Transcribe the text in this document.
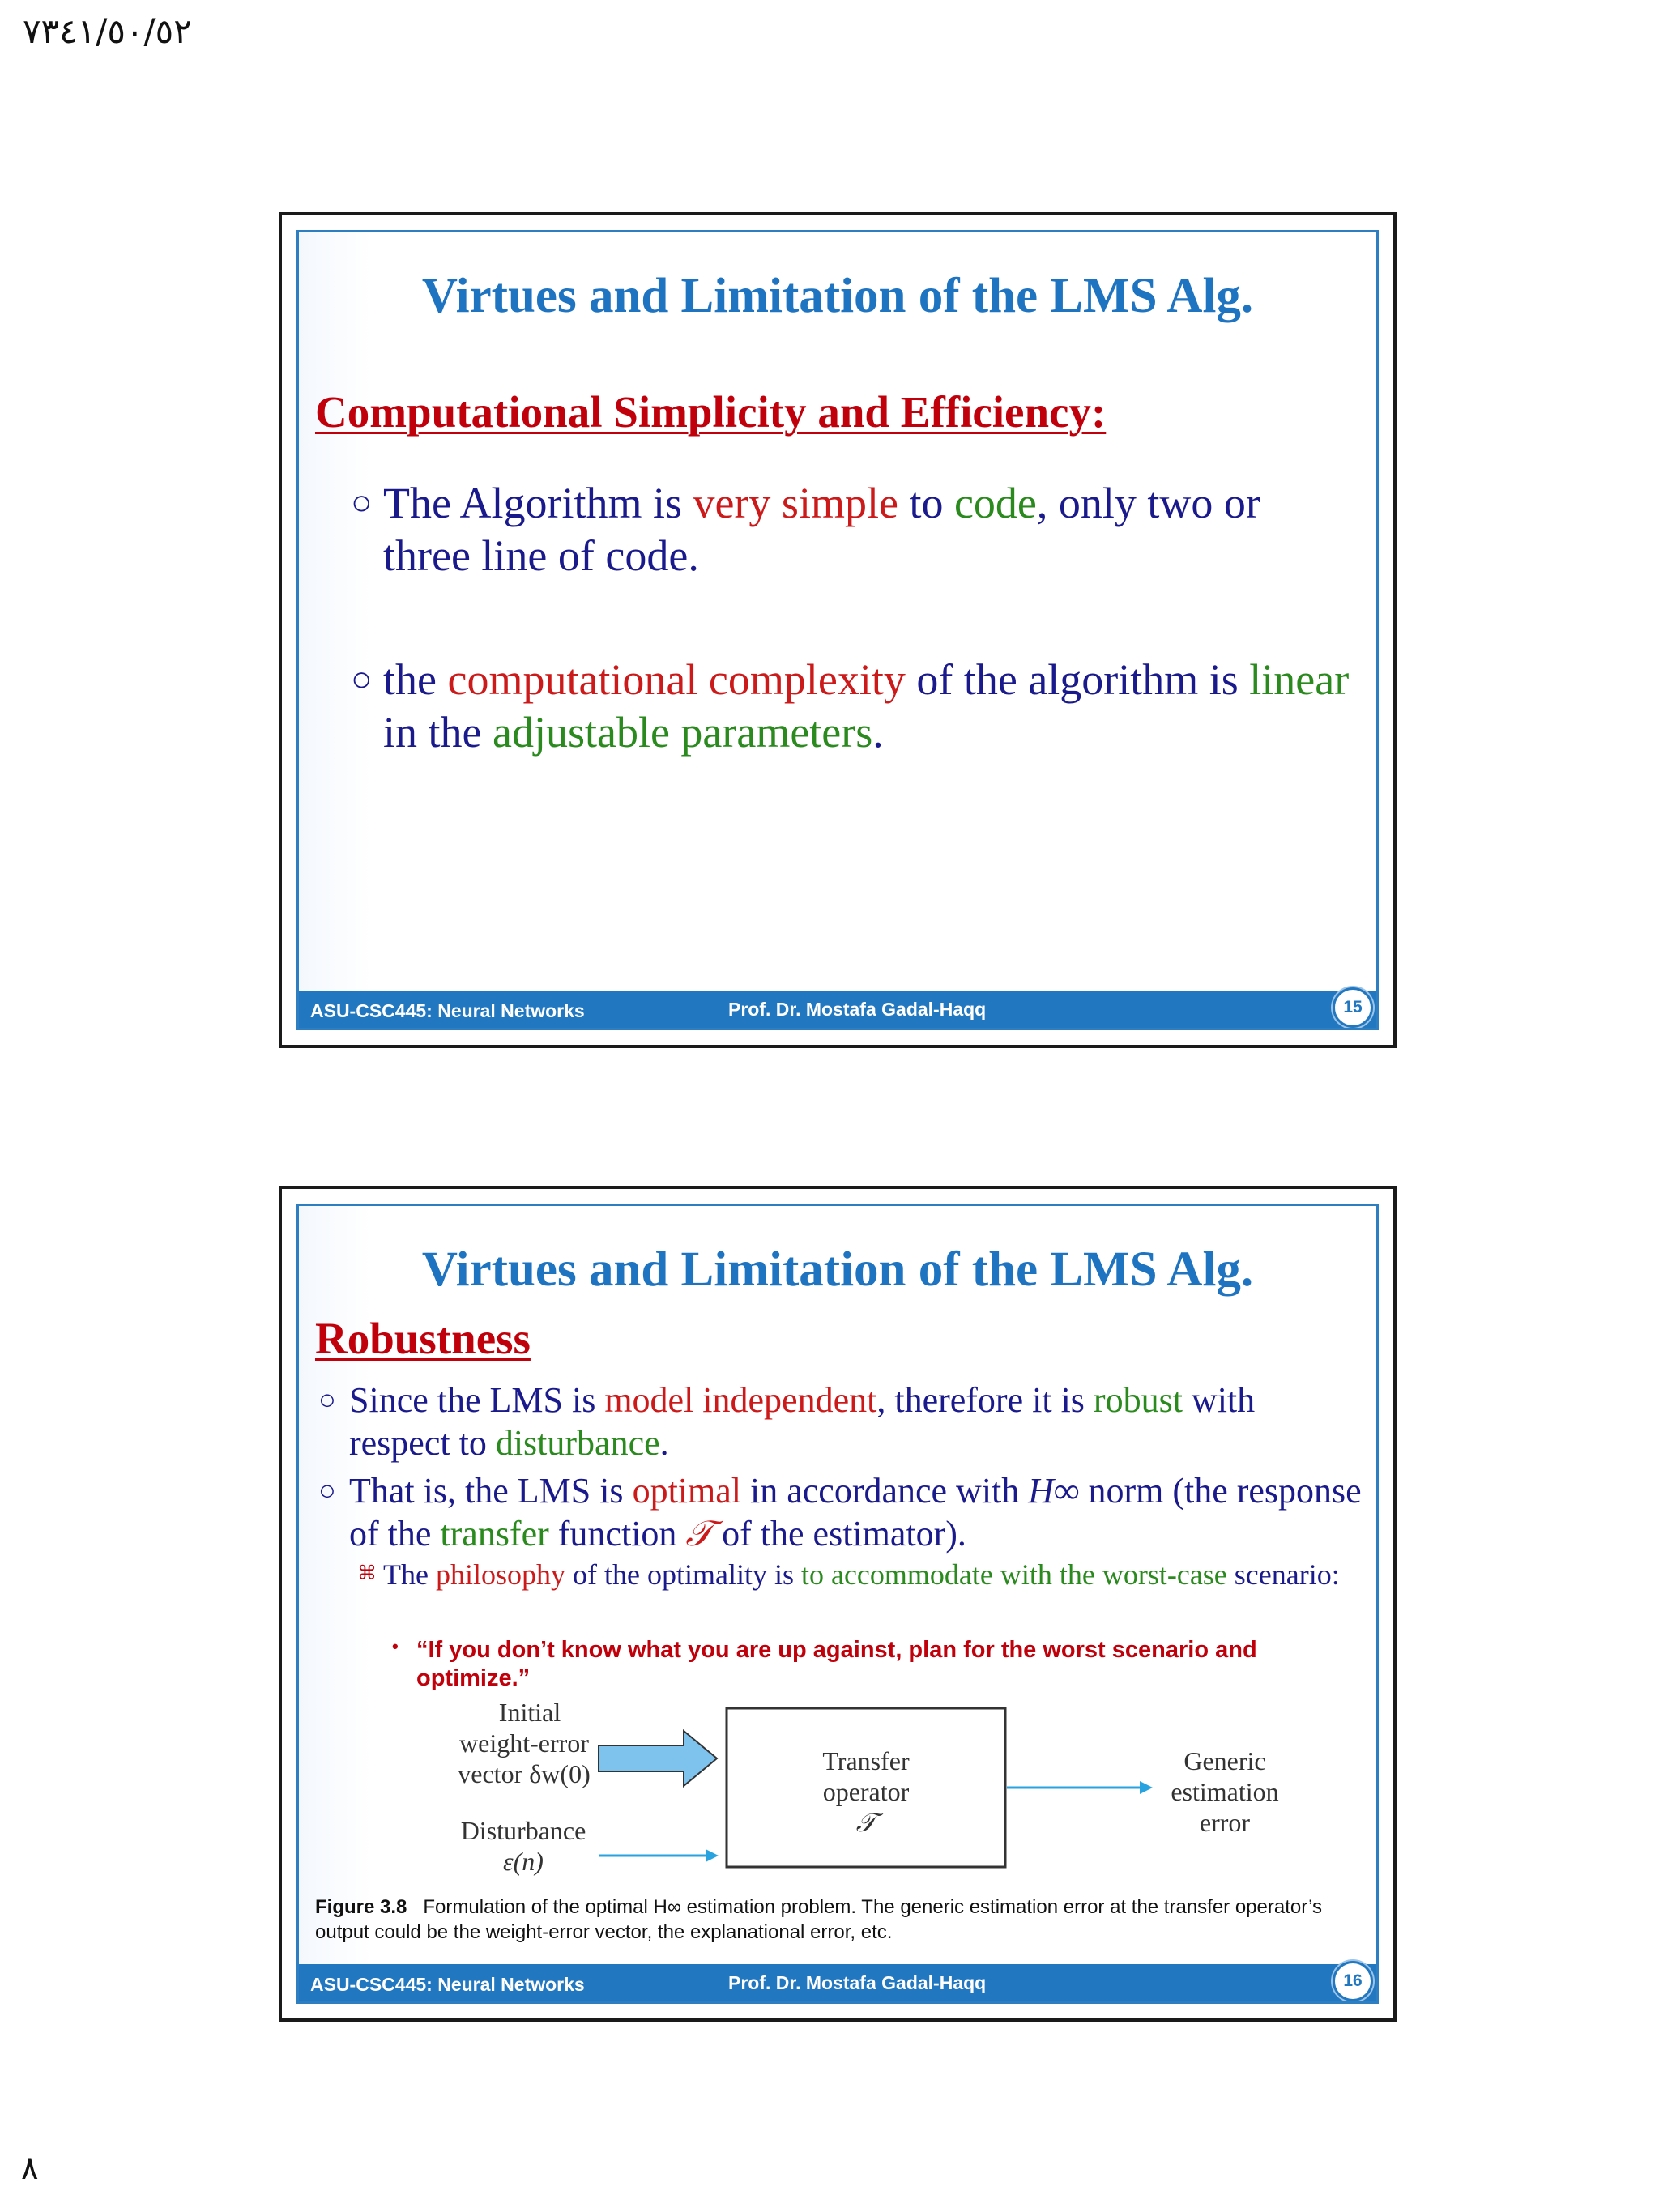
٢٥/٠٥/١٤٣٧
Virtues and Limitation of the LMS Alg.
Computational Simplicity and Efficiency:
○ The Algorithm is very simple to code, only two or three line of code.
○ the computational complexity of the algorithm is linear in the adjustable parameters.
ASU-CSC445: Neural Networks	Prof. Dr. Mostafa Gadal-Haqq	15
Virtues and Limitation of the LMS Alg.
Robustness
○ Since the LMS is model independent, therefore it is robust with respect to disturbance.
○ That is, the LMS is optimal in accordance with H∞ norm (the response of the transfer function 𝒯 of the estimator).
⌘ The philosophy of the optimality is to accommodate with the worst-case scenario:
• “If you don’t know what you are up against, plan for the worst scenario and optimize.”
Initial
weight-error
vector δw(0)
Disturbance
ε(n)
Transfer
operator
𝒯
Generic
estimation
error
Figure 3.8 Formulation of the optimal H∞ estimation problem. The generic estimation error at the transfer operator’s output could be the weight-error vector, the explanational error, etc.
ASU-CSC445: Neural Networks	Prof. Dr. Mostafa Gadal-Haqq	16
٨
